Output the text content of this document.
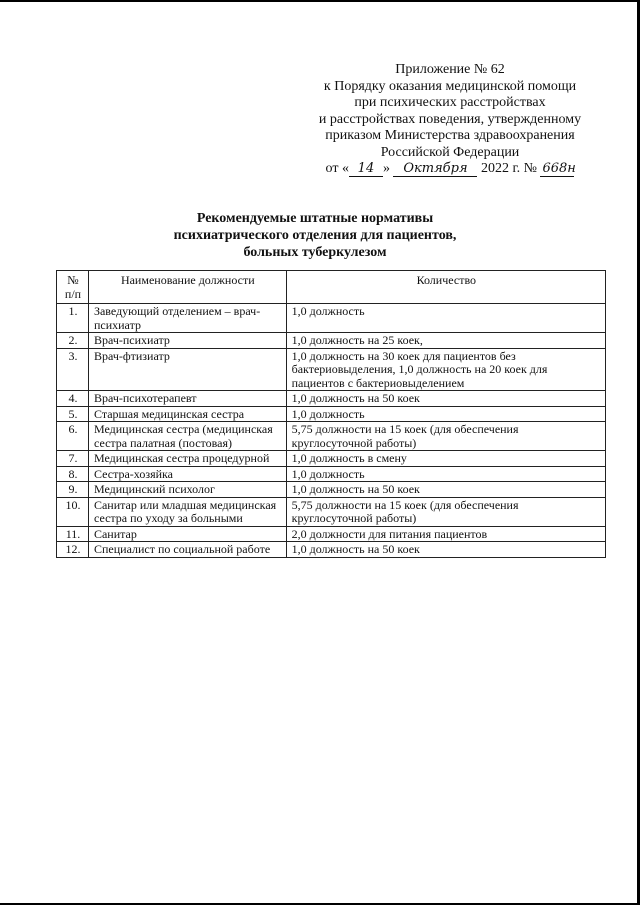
Приложение № 62
к Порядку оказания медицинской помощи
при психических расстройствах
и расстройствах поведения, утвержденному
приказом Министерства здравоохранения
Российской Федерации
от « 14 » Октября 2022 г. № 668н
Рекомендуемые штатные нормативы
психиатрического отделения для пациентов,
больных туберкулезом
№ п/п	Наименование должности	Количество
1.	Заведующий отделением – врач-психиатр	1,0 должность
2.	Врач-психиатр	1,0 должность на 25 коек,
3.	Врач-фтизиатр	1,0 должность на 30 коек для пациентов без бактериовыделения, 1,0 должность на 20 коек для пациентов с бактериовыделением
4.	Врач-психотерапевт	1,0 должность на 50 коек
5.	Старшая медицинская сестра	1,0 должность
6.	Медицинская сестра (медицинская сестра палатная (постовая)	5,75 должности на 15 коек (для обеспечения круглосуточной работы)
7.	Медицинская сестра процедурной	1,0 должность в смену
8.	Сестра-хозяйка	1,0 должность
9.	Медицинский психолог	1,0 должность на 50 коек
10.	Санитар или младшая медицинская сестра по уходу за больными	5,75 должности на 15 коек (для обеспечения круглосуточной работы)
11.	Санитар	2,0 должности для питания пациентов
12.	Специалист по социальной работе	1,0 должность на 50 коек
